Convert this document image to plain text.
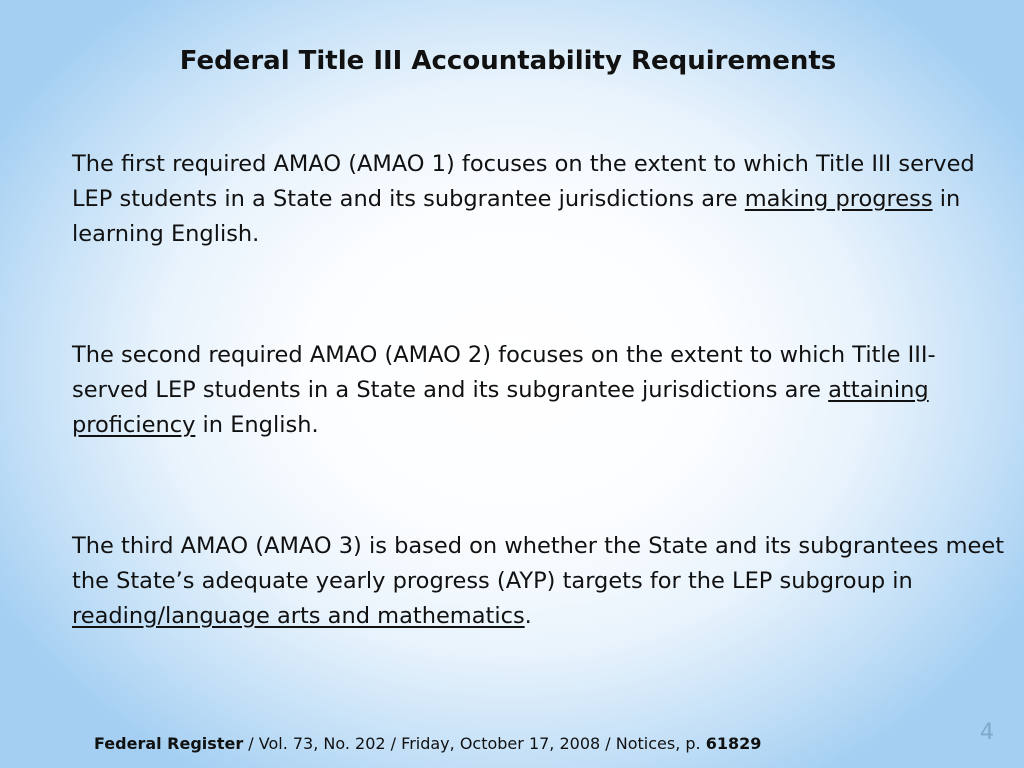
Federal Title III Accountability Requirements

The first required AMAO (AMAO 1) focuses on the extent to which Title III served LEP students in a State and its subgrantee jurisdictions are making progress in learning English.

The second required AMAO (AMAO 2) focuses on the extent to which Title III-served LEP students in a State and its subgrantee jurisdictions are attaining proficiency in English.

The third AMAO (AMAO 3) is based on whether the State and its subgrantees meet the State’s adequate yearly progress (AYP) targets for the LEP subgroup in reading/language arts and mathematics.

Federal Register / Vol. 73, No. 202 / Friday, October 17, 2008 / Notices, p. 61829	4
